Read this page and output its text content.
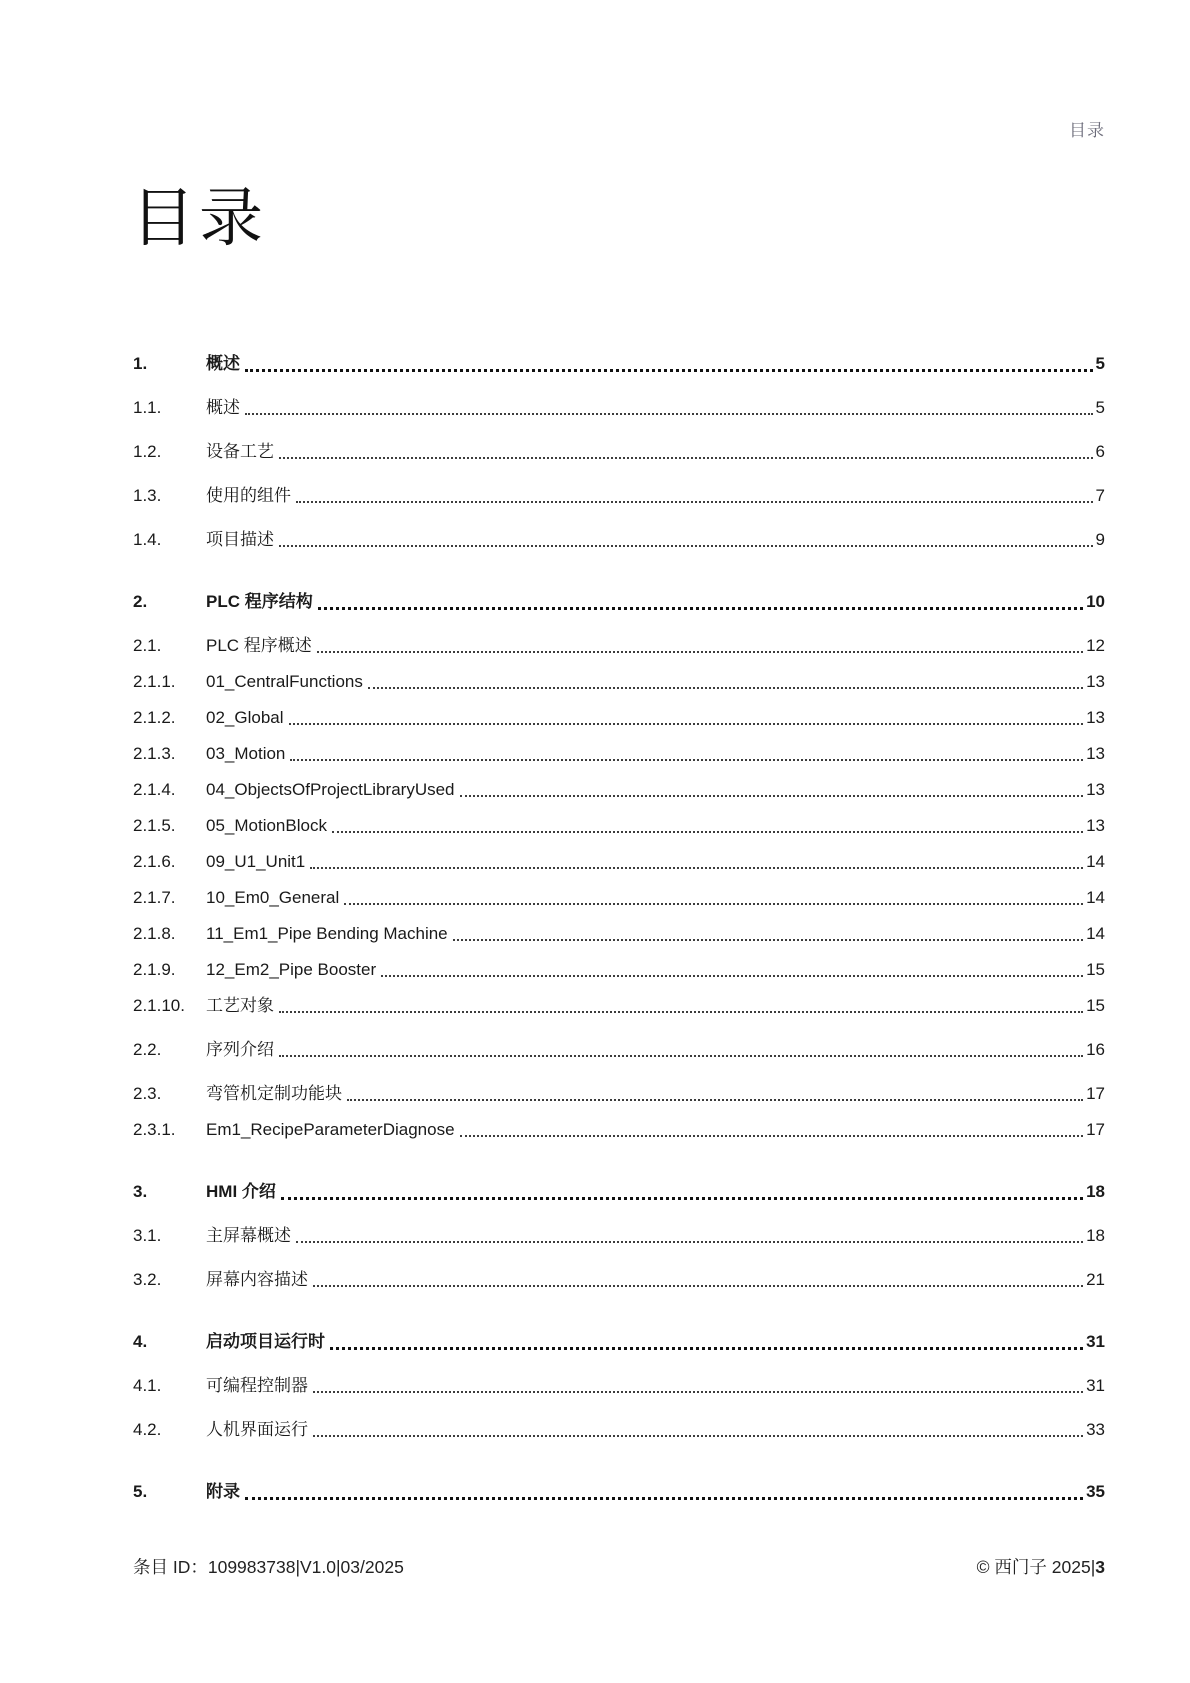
目录
目录
1.	概述	5
1.1.	概述	5
1.2.	设备工艺	6
1.3.	使用的组件	7
1.4.	项目描述	9
2.	PLC 程序结构	10
2.1.	PLC 程序概述	12
2.1.1.	01_CentralFunctions	13
2.1.2.	02_Global	13
2.1.3.	03_Motion	13
2.1.4.	04_ObjectsOfProjectLibraryUsed	13
2.1.5.	05_MotionBlock	13
2.1.6.	09_U1_Unit1	14
2.1.7.	10_Em0_General	14
2.1.8.	11_Em1_Pipe Bending Machine	14
2.1.9.	12_Em2_Pipe Booster	15
2.1.10.	工艺对象	15
2.2.	序列介绍	16
2.3.	弯管机定制功能块	17
2.3.1.	Em1_RecipeParameterDiagnose	17
3.	HMI 介绍	18
3.1.	主屏幕概述	18
3.2.	屏幕内容描述	21
4.	启动项目运行时	31
4.1.	可编程控制器	31
4.2.	人机界面运行	33
5.	附录	35
条目 ID：109983738|V1.0|03/2025	© 西门子 2025|3
